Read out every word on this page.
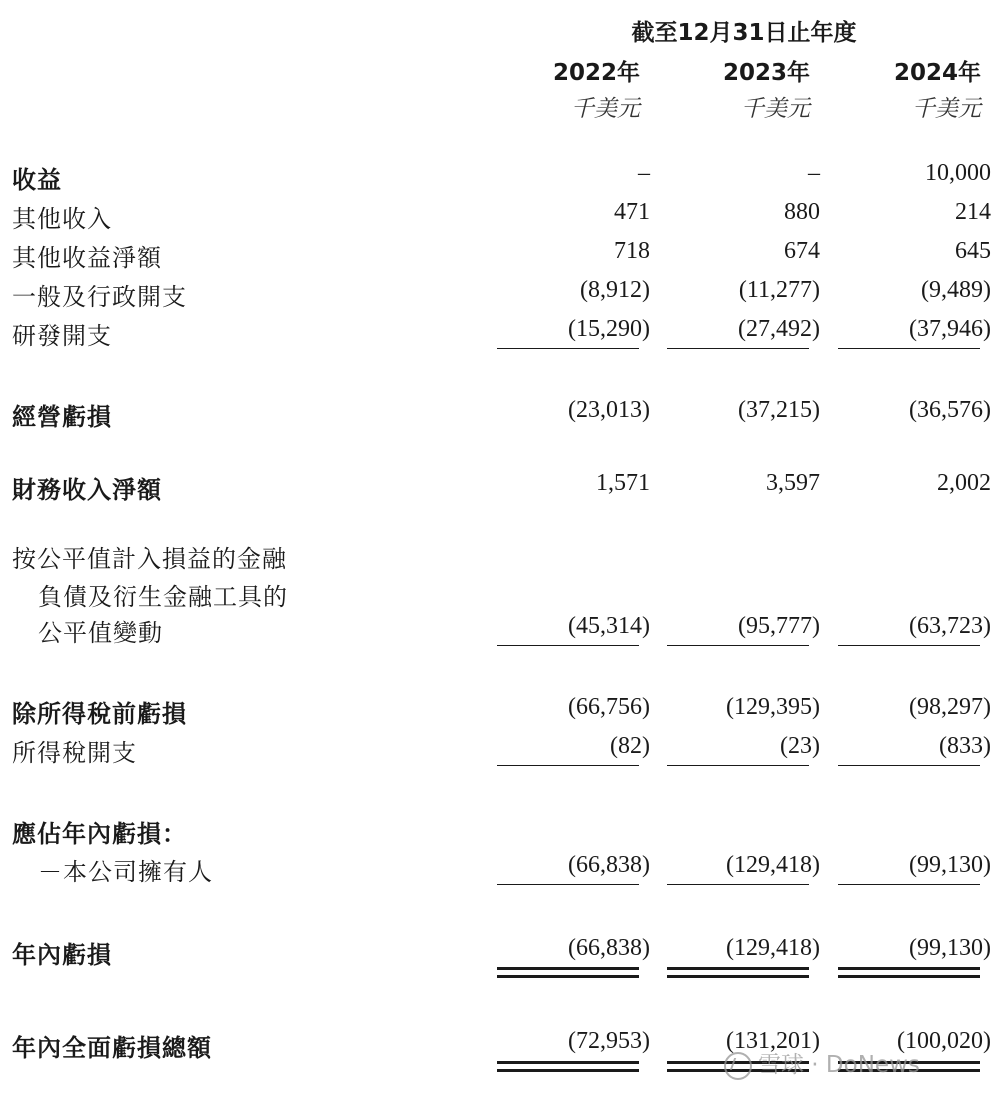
截至12月31日止年度
2022年	2023年	2024年
千美元	千美元	千美元
收益	–	–	10,000
其他收入	471	880	214
其他收益淨額	718	674	645
一般及行政開支	(8,912)	(11,277)	(9,489)
研發開支	(15,290)	(27,492)	(37,946)
經營虧損	(23,013)	(37,215)	(36,576)
財務收入淨額	1,571	3,597	2,002
按公平值計入損益的金融
負債及衍生金融工具的
公平值變動	(45,314)	(95,777)	(63,723)
除所得稅前虧損	(66,756)	(129,395)	(98,297)
所得稅開支	(82)	(23)	(833)
應佔年內虧損：
－本公司擁有人	(66,838)	(129,418)	(99,130)
年內虧損	(66,838)	(129,418)	(99,130)
年內全面虧損總額	(72,953)	(131,201)	(100,020)
雪球 · DoNews
